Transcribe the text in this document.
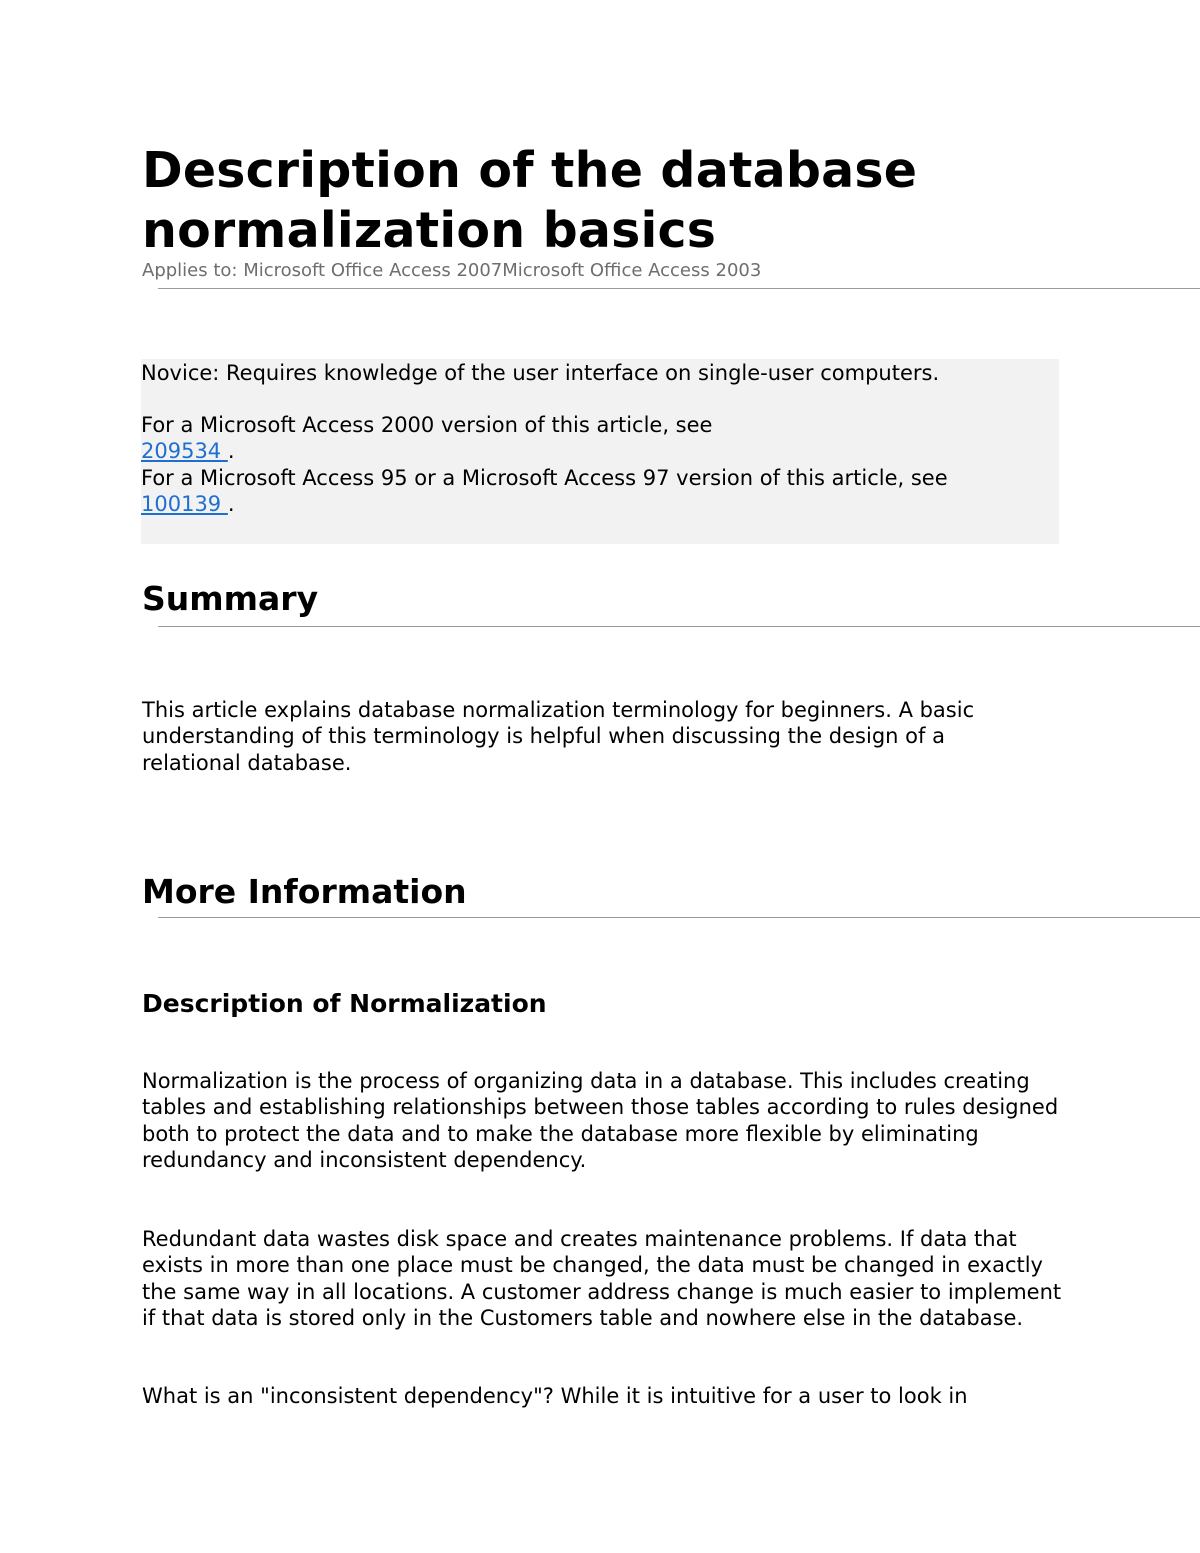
Description of the database normalization basics
Applies to: Microsoft Office Access 2007Microsoft Office Access 2003
Novice: Requires knowledge of the user interface on single-user computers.
For a Microsoft Access 2000 version of this article, see
209534 .
For a Microsoft Access 95 or a Microsoft Access 97 version of this article, see
100139 .
Summary

This article explains database normalization terminology for beginners. A basic understanding of this terminology is helpful when discussing the design of a relational database.

More Information
Description of Normalization

Normalization is the process of organizing data in a database. This includes creating tables and establishing relationships between those tables according to rules designed both to protect the data and to make the database more flexible by eliminating redundancy and inconsistent dependency.

Redundant data wastes disk space and creates maintenance problems. If data that exists in more than one place must be changed, the data must be changed in exactly the same way in all locations. A customer address change is much easier to implement if that data is stored only in the Customers table and nowhere else in the database.

What is an "inconsistent dependency"? While it is intuitive for a user to look in
